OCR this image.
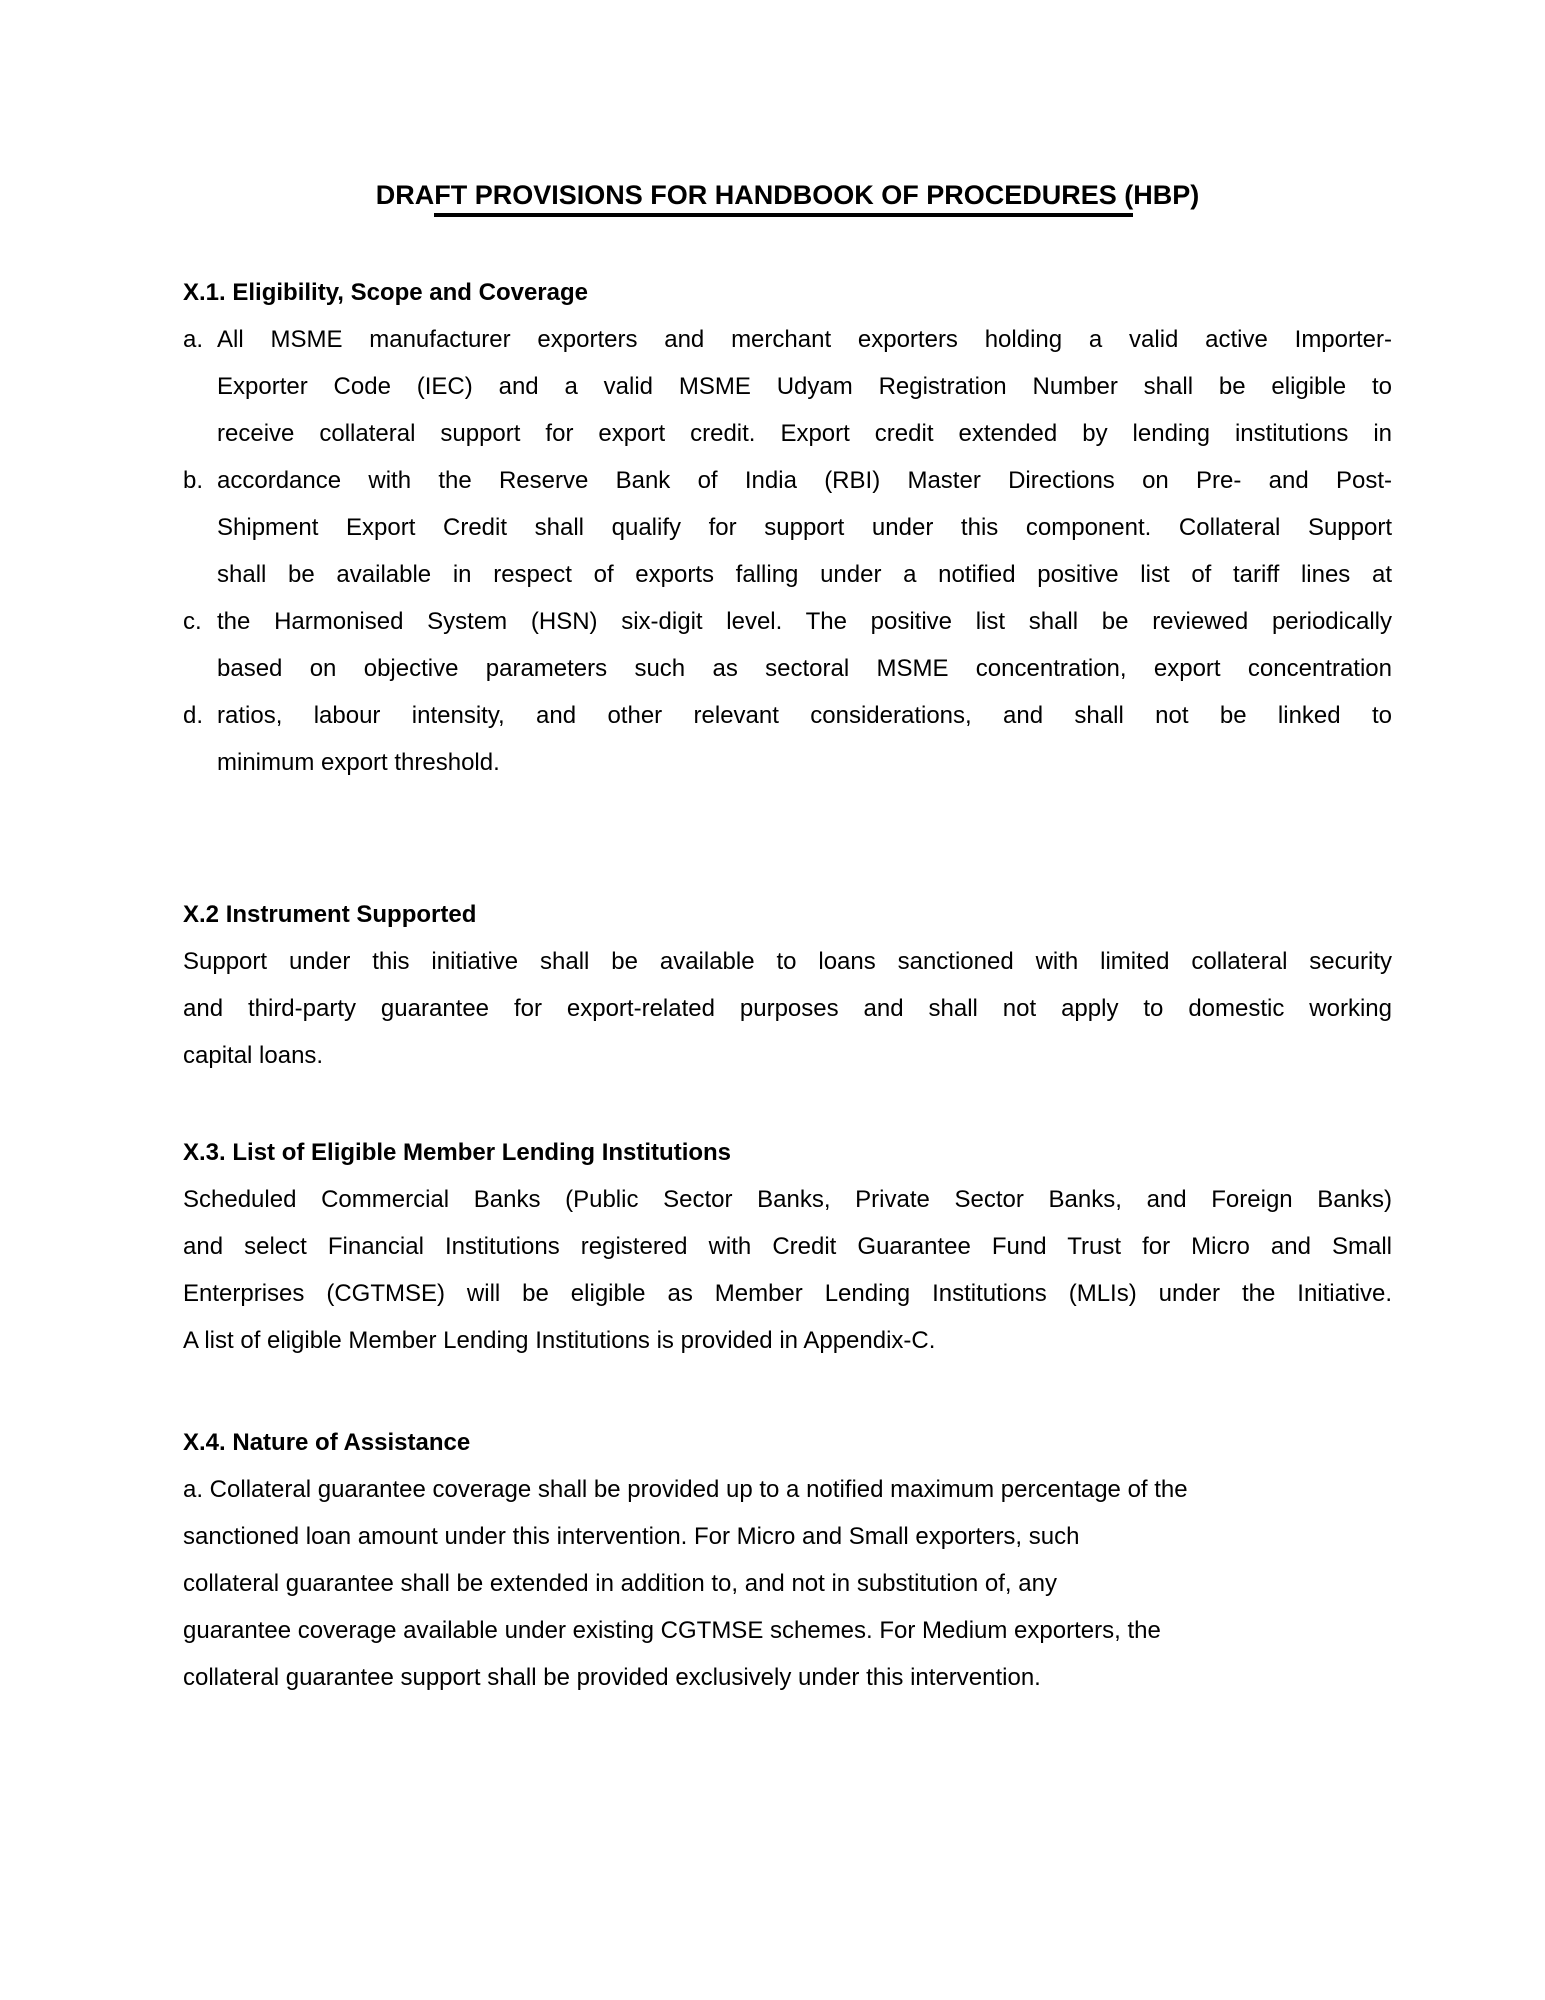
DRAFT PROVISIONS FOR HANDBOOK OF PROCEDURES (HBP)
X.1. Eligibility, Scope and Coverage
a. All MSME manufacturer exporters and merchant exporters holding a valid active Importer-
Exporter Code (IEC) and a valid MSME Udyam Registration Number shall be eligible to
receive collateral support for export credit. Export credit extended by lending institutions in
b. accordance with the Reserve Bank of India (RBI) Master Directions on Pre- and Post-
Shipment Export Credit shall qualify for support under this component. Collateral Support
shall be available in respect of exports falling under a notified positive list of tariff lines at
c. the Harmonised System (HSN) six-digit level. The positive list shall be reviewed periodically
based on objective parameters such as sectoral MSME concentration, export concentration
d. ratios, labour intensity, and other relevant considerations, and shall not be linked to
minimum export threshold.
X.2 Instrument Supported
Support under this initiative shall be available to loans sanctioned with limited collateral security
and third-party guarantee for export-related purposes and shall not apply to domestic working
capital loans.
X.3. List of Eligible Member Lending Institutions
Scheduled Commercial Banks (Public Sector Banks, Private Sector Banks, and Foreign Banks)
and select Financial Institutions registered with Credit Guarantee Fund Trust for Micro and Small
Enterprises (CGTMSE) will be eligible as Member Lending Institutions (MLIs) under the Initiative.
A list of eligible Member Lending Institutions is provided in Appendix-C.
X.4. Nature of Assistance
a. Collateral guarantee coverage shall be provided up to a notified maximum percentage of the
sanctioned loan amount under this intervention. For Micro and Small exporters, such
collateral guarantee shall be extended in addition to, and not in substitution of, any
guarantee coverage available under existing CGTMSE schemes. For Medium exporters, the
collateral guarantee support shall be provided exclusively under this intervention.
